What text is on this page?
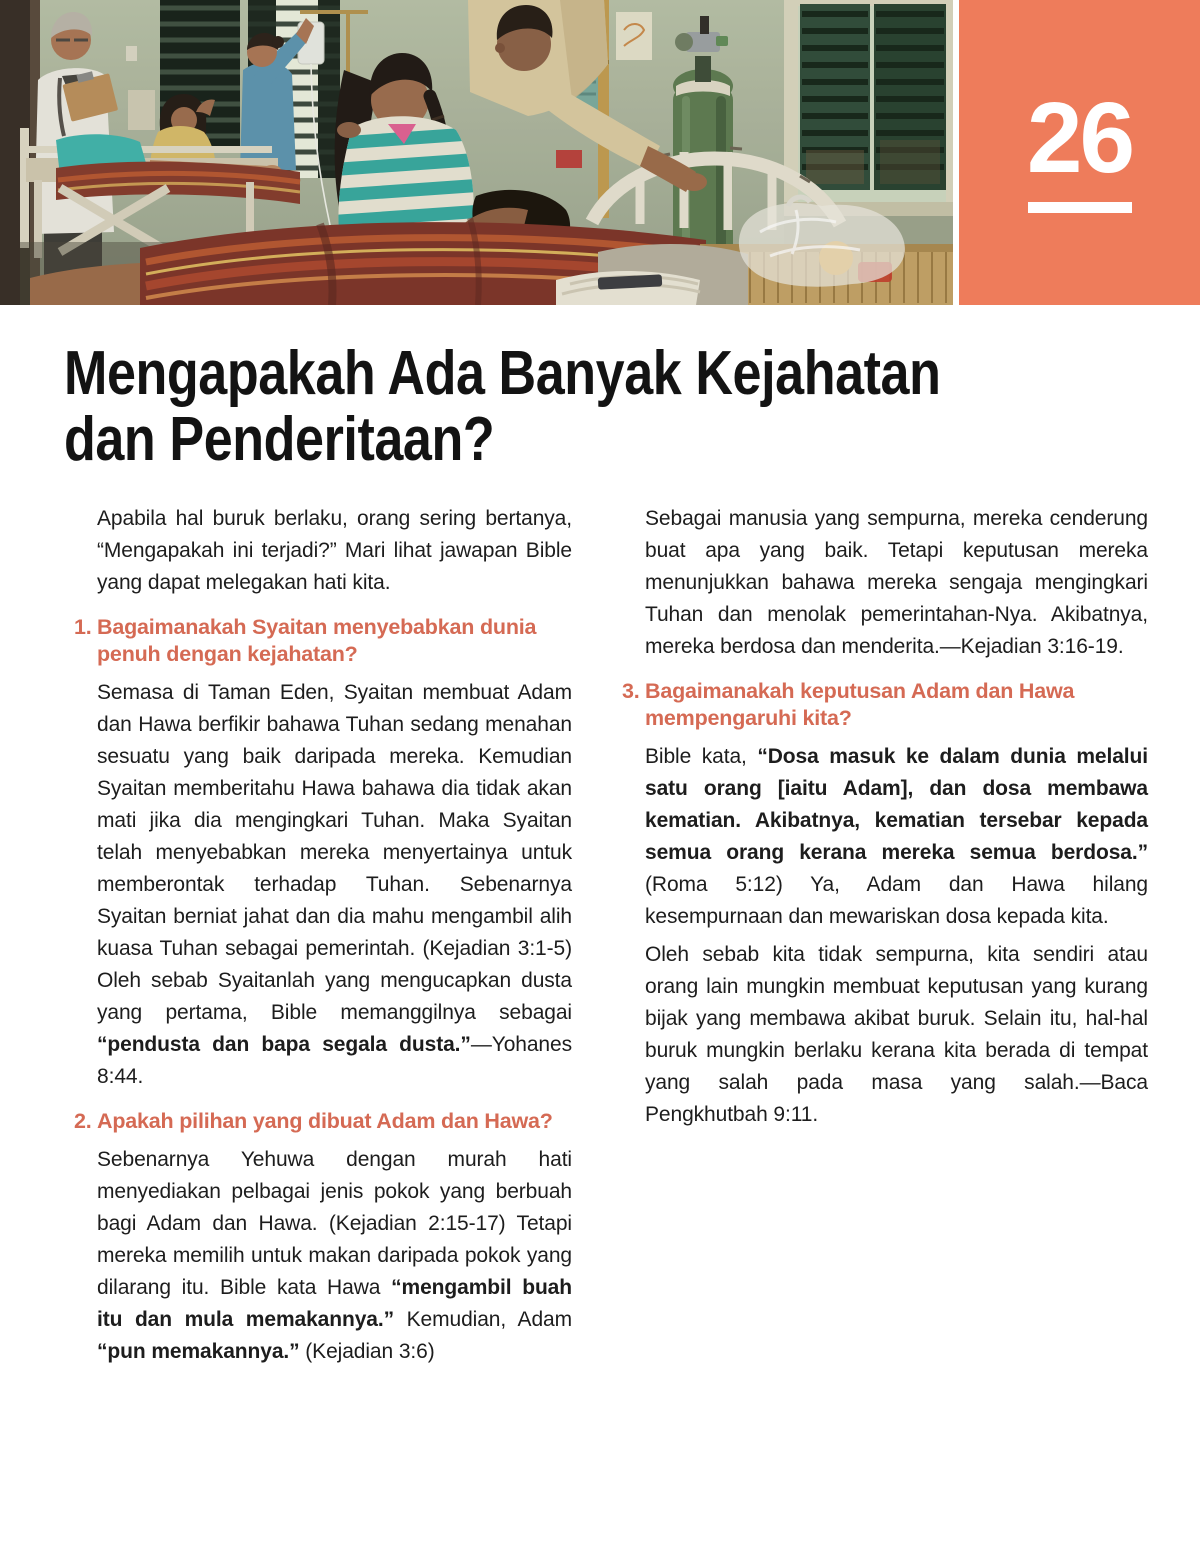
26
Mengapakah Ada Banyak Kejahatan
dan Penderitaan?

Apabila hal buruk berlaku, orang sering bertanya, “Mengapakah ini terjadi?” Mari lihat jawapan Bible yang dapat melegakan hati kita.

1. Bagaimanakah Syaitan menyebabkan dunia penuh dengan kejahatan?

Semasa di Taman Eden, Syaitan membuat Adam dan Hawa berfikir bahawa Tuhan sedang menahan sesuatu yang baik daripada mereka. Kemudian Syaitan memberitahu Hawa bahawa dia tidak akan mati jika dia mengingkari Tuhan. Maka Syaitan telah menyebabkan mereka menyertainya untuk memberontak terhadap Tuhan. Sebenarnya Syaitan berniat jahat dan dia mahu mengambil alih kuasa Tuhan sebagai pemerintah. (Kejadian 3:1-5) Oleh sebab Syaitanlah yang mengucapkan dusta yang pertama, Bible memanggilnya sebagai “pendusta dan bapa segala dusta.”—Yohanes 8:44.

2. Apakah pilihan yang dibuat Adam dan Hawa?

Sebenarnya Yehuwa dengan murah hati menyediakan pelbagai jenis pokok yang berbuah bagi Adam dan Hawa. (Kejadian 2:15-17) Tetapi mereka memilih untuk makan daripada pokok yang dilarang itu. Bible kata Hawa “mengambil buah itu dan mula memakannya.” Kemudian, Adam “pun memakannya.” (Kejadian 3:6)

Sebagai manusia yang sempurna, mereka cenderung buat apa yang baik. Tetapi keputusan mereka menunjukkan bahawa mereka sengaja mengingkari Tuhan dan menolak pemerintahan-Nya. Akibatnya, mereka berdosa dan menderita.—Kejadian 3:16-19.

3. Bagaimanakah keputusan Adam dan Hawa mempengaruhi kita?

Bible kata, “Dosa masuk ke dalam dunia melalui satu orang [iaitu Adam], dan dosa membawa kematian. Akibatnya, kematian tersebar kepada semua orang kerana mereka semua berdosa.” (Roma 5:12) Ya, Adam dan Hawa hilang kesempurnaan dan mewariskan dosa kepada kita.

Oleh sebab kita tidak sempurna, kita sendiri atau orang lain mungkin membuat keputusan yang kurang bijak yang membawa akibat buruk. Selain itu, hal-hal buruk mungkin berlaku kerana kita berada di tempat yang salah pada masa yang salah.—Baca Pengkhutbah 9:11.
